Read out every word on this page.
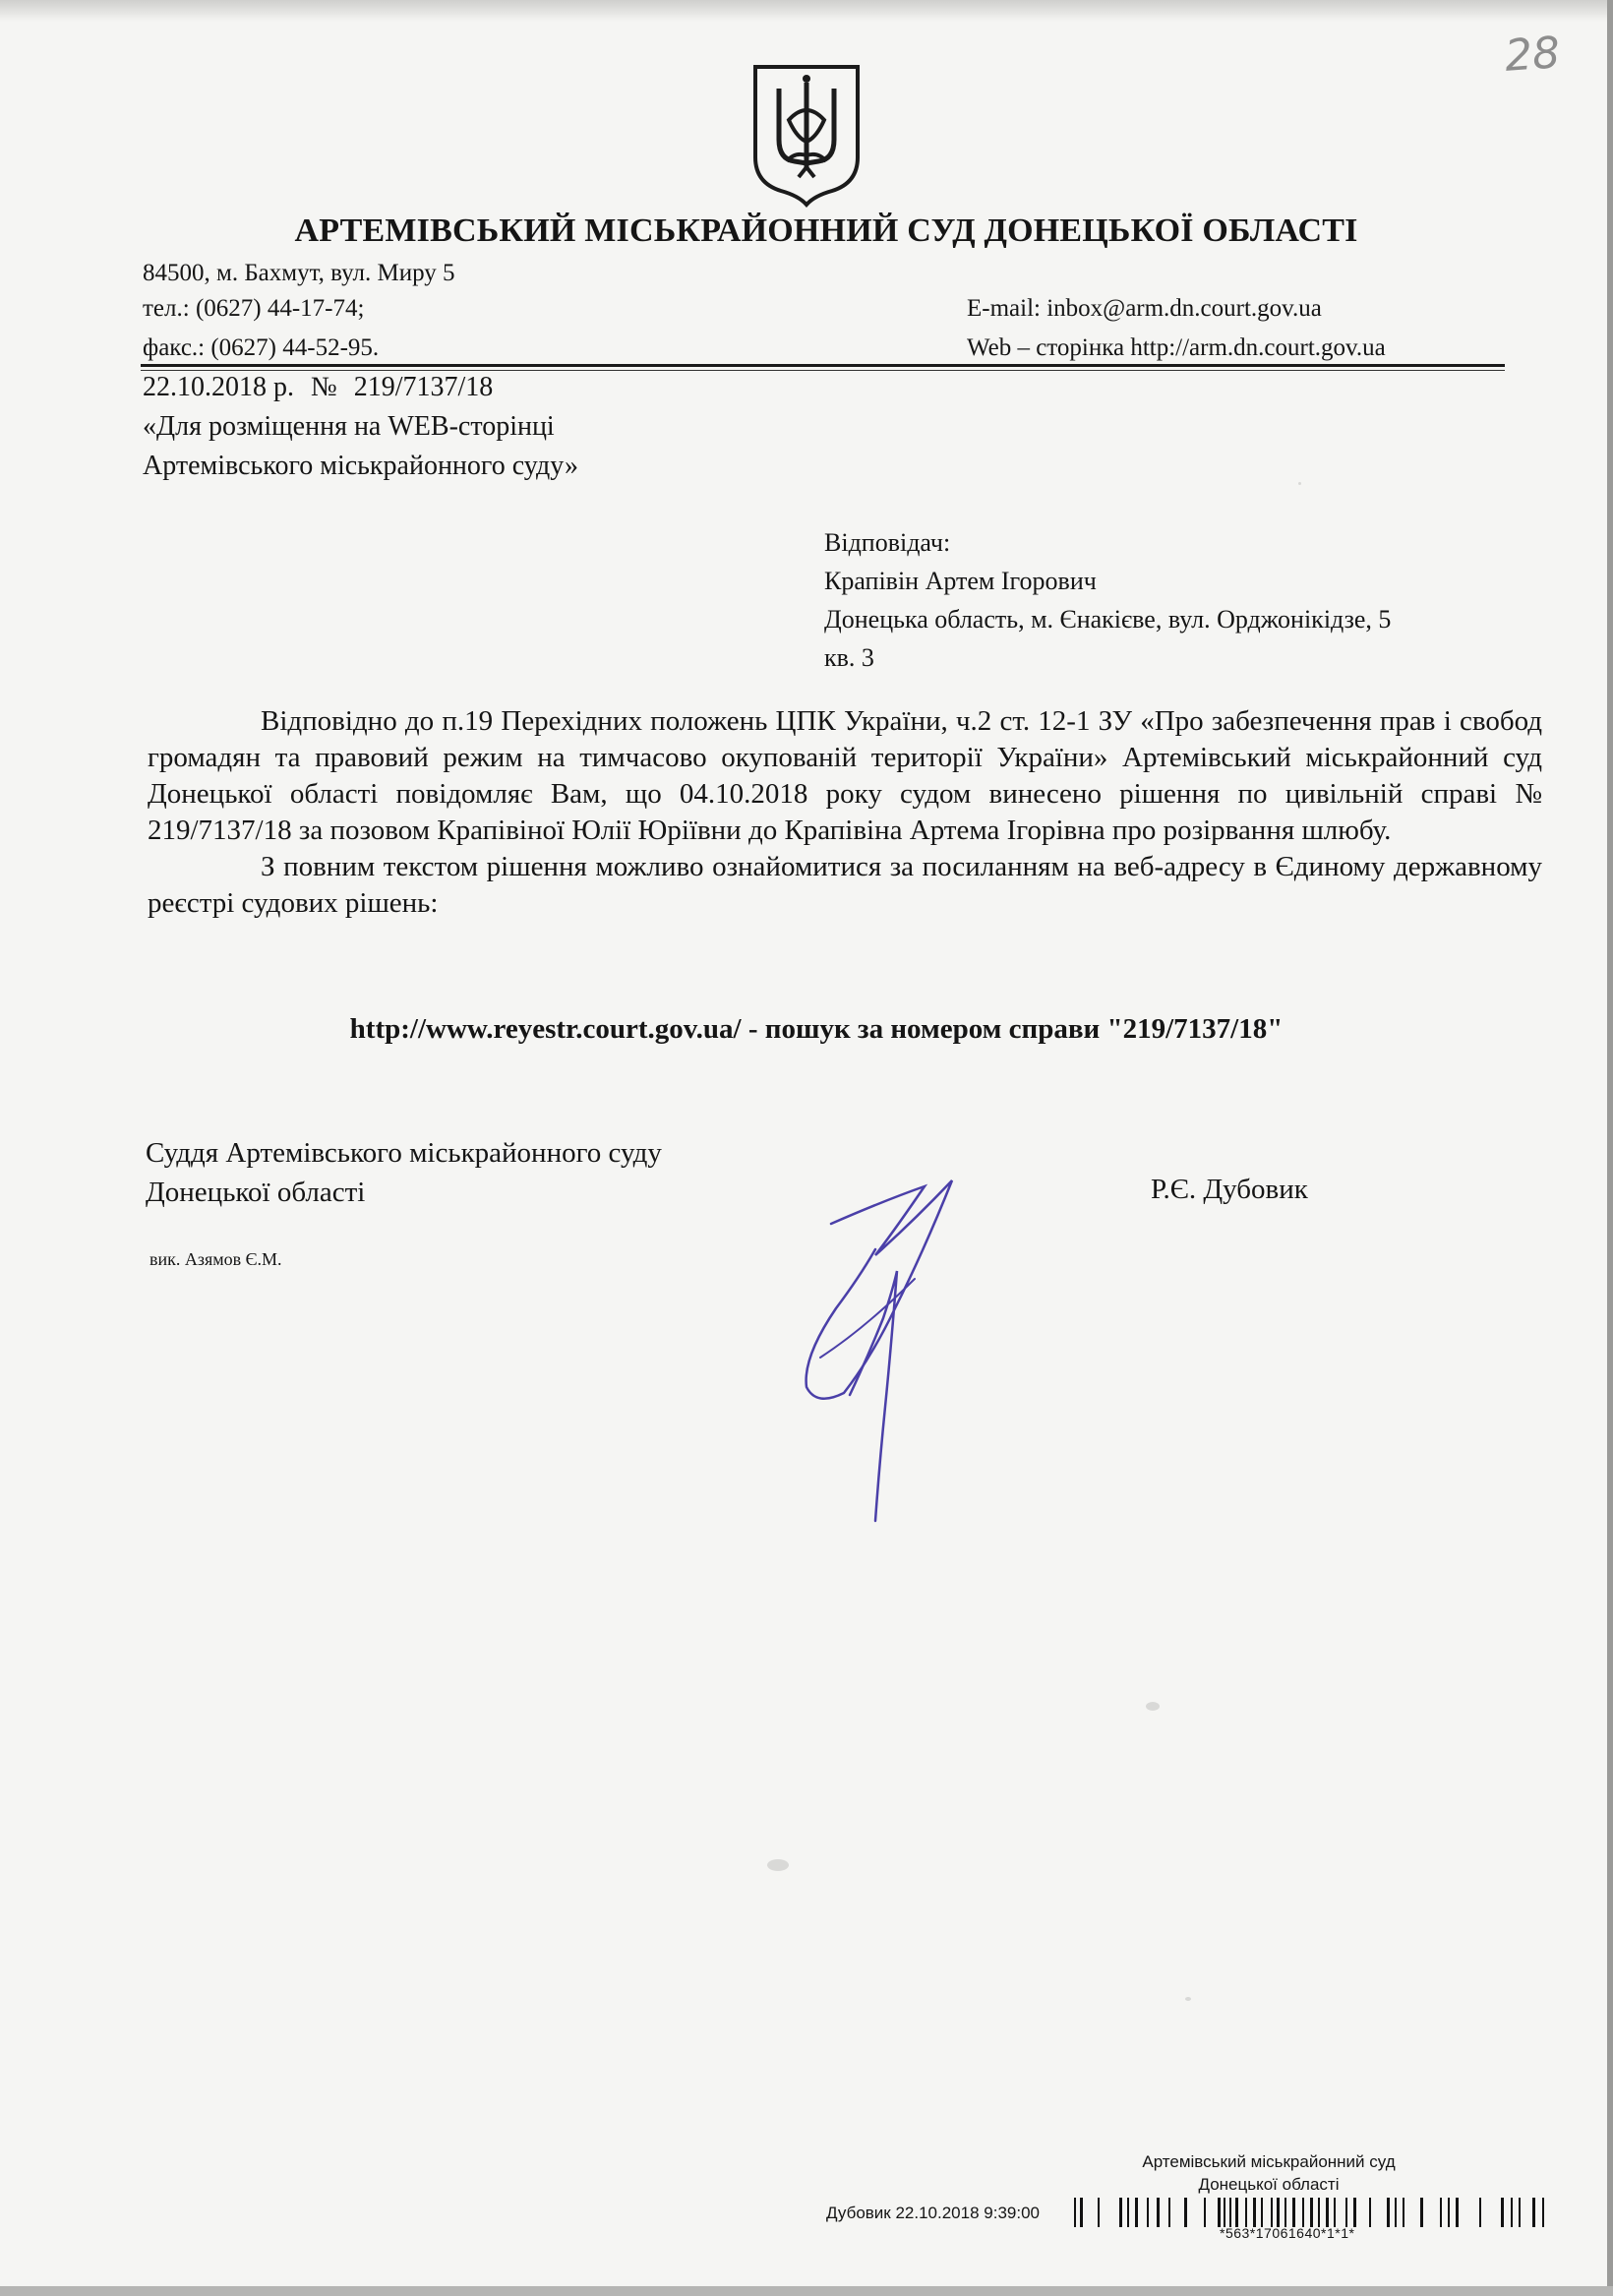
28
АРТЕМІВСЬКИЙ МІСЬКРАЙОННИЙ СУД ДОНЕЦЬКОЇ ОБЛАСТІ
84500, м. Бахмут, вул. Миру 5
тел.: (0627) 44-17-74;
факс.: (0627) 44-52-95.
E-mail: inbox@arm.dn.court.gov.ua
Web – сторінка http://arm.dn.court.gov.ua
22.10.2018 р. № 219/7137/18
«Для розміщення на WEB-сторінці
Артемівського міськрайонного суду»
Відповідач:
Крапівін Артем Ігорович
Донецька область, м. Єнакієве, вул. Орджонікідзе, 5
кв. 3

Відповідно до п.19 Перехідних положень ЦПК України, ч.2 ст. 12-1 ЗУ «Про забезпечення прав і свобод громадян та правовий режим на тимчасово окупованій території України» Артемівський міськрайонний суд Донецької області повідомляє Вам, що 04.10.2018 року судом винесено рішення по цивільній справі № 219/7137/18 за позовом Крапівіної Юлії Юріївни до Крапівіна Артема Ігорівна про розірвання шлюбу.

З повним текстом рішення можливо ознайомитися за посиланням на веб-адресу в Єдиному державному реєстрі судових рішень:

http://www.reyestr.court.gov.ua/ - пошук за номером справи "219/7137/18"
Суддя Артемівського міськрайонного суду
Донецької області	Р.Є. Дубовик
вик. Азямов Є.М.
Артемівський міськрайонний суд
Донецької області
Дубовик 22.10.2018 9:39:00
*563*17061640*1*1*
